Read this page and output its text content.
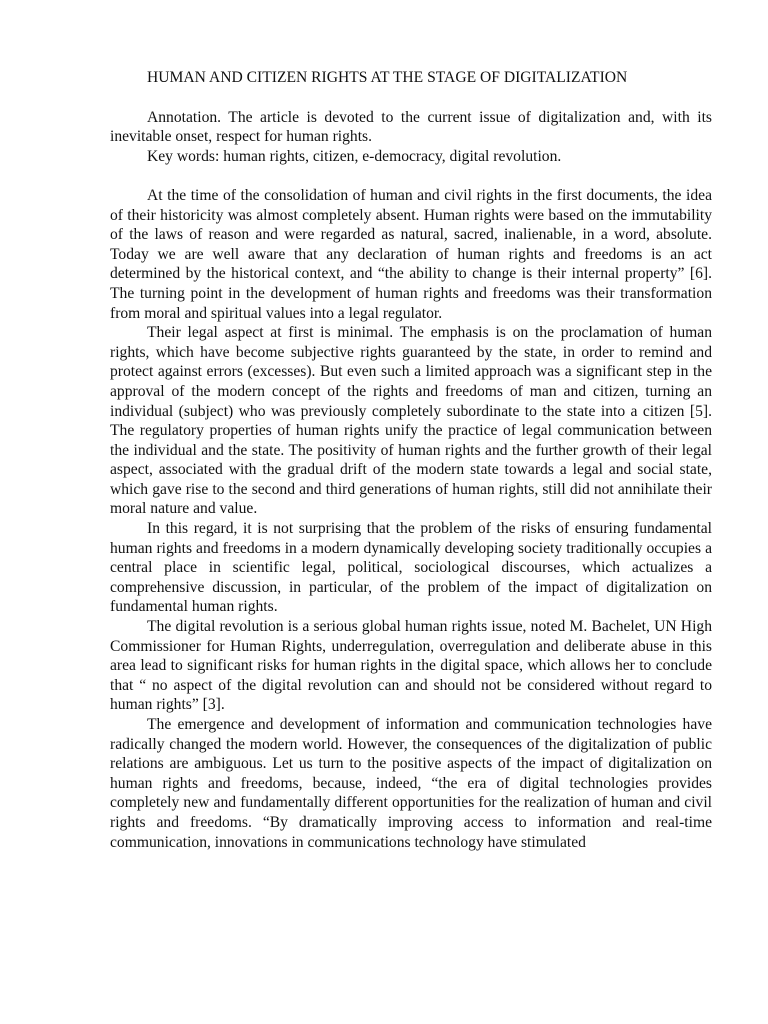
HUMAN AND CITIZEN RIGHTS AT THE STAGE OF DIGITALIZATION

Annotation. The article is devoted to the current issue of digitalization and, with its inevitable onset, respect for human rights.

Key words: human rights, citizen, e-democracy, digital revolution.

At the time of the consolidation of human and civil rights in the first documents, the idea of their historicity was almost completely absent. Human rights were based on the immutability of the laws of reason and were regarded as natural, sacred, inalienable, in a word, absolute. Today we are well aware that any declaration of human rights and freedoms is an act determined by the historical context, and “the ability to change is their internal property” [6]. The turning point in the development of human rights and freedoms was their transformation from moral and spiritual values into a legal regulator.

Their legal aspect at first is minimal. The emphasis is on the proclamation of human rights, which have become subjective rights guaranteed by the state, in order to remind and protect against errors (excesses). But even such a limited approach was a significant step in the approval of the modern concept of the rights and freedoms of man and citizen, turning an individual (subject) who was previously completely subordinate to the state into a citizen [5]. The regulatory properties of human rights unify the practice of legal communication between the individual and the state. The positivity of human rights and the further growth of their legal aspect, associated with the gradual drift of the modern state towards a legal and social state, which gave rise to the second and third generations of human rights, still did not annihilate their moral nature and value.

In this regard, it is not surprising that the problem of the risks of ensuring fundamental human rights and freedoms in a modern dynamically developing society traditionally occupies a central place in scientific legal, political, sociological discourses, which actualizes a comprehensive discussion, in particular, of the problem of the impact of digitalization on fundamental human rights.

The digital revolution is a serious global human rights issue, noted M. Bachelet, UN High Commissioner for Human Rights, underregulation, overregulation and deliberate abuse in this area lead to significant risks for human rights in the digital space, which allows her to conclude that “ no aspect of the digital revolution can and should not be considered without regard to human rights” [3].

The emergence and development of information and communication technologies have radically changed the modern world. However, the consequences of the digitalization of public relations are ambiguous. Let us turn to the positive aspects of the impact of digitalization on human rights and freedoms, because, indeed, “the era of digital technologies provides completely new and fundamentally different opportunities for the realization of human and civil rights and freedoms. “By dramatically improving access to information and real-time communication, innovations in communications technology have stimulated
